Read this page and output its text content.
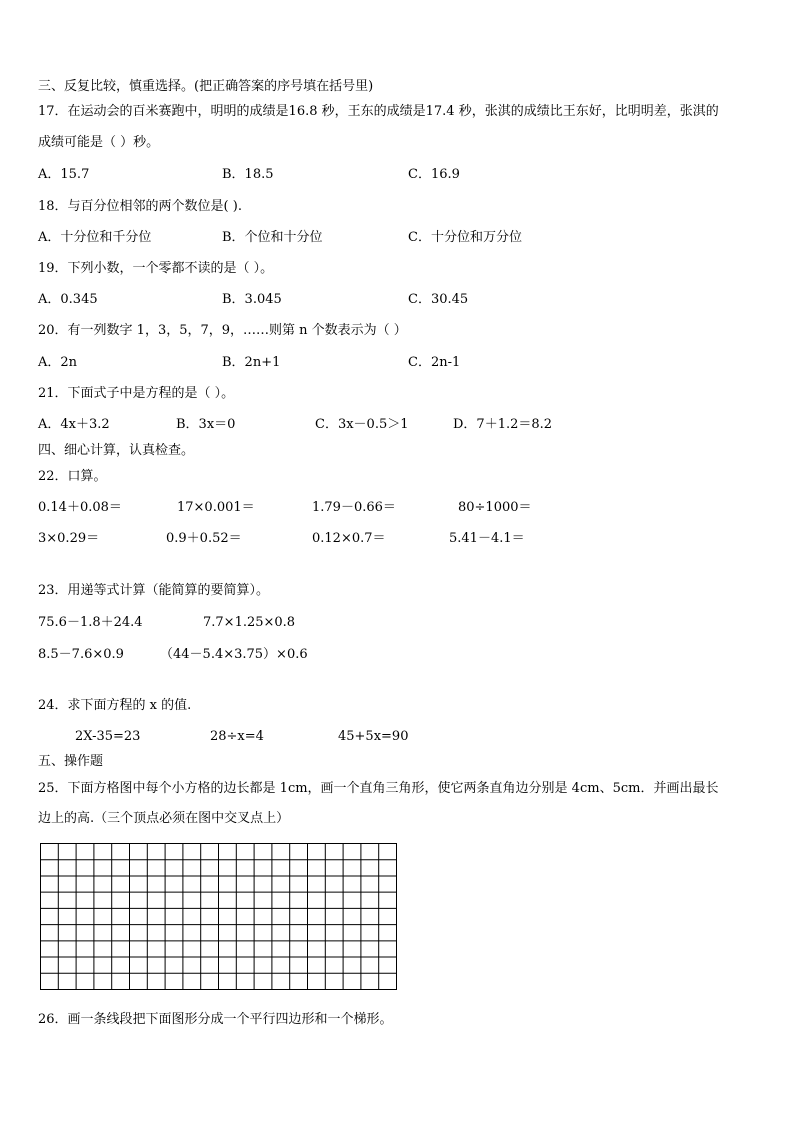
三、反复比较，慎重选择。(把正确答案的序号填在括号里)
17．在运动会的百米赛跑中，明明的成绩是16.8 秒，王东的成绩是17.4 秒，张淇的成绩比王东好，比明明差，张淇的
成绩可能是（ ）秒。
A．15.7	B．18.5	C．16.9
18．与百分位相邻的两个数位是( ).
A．十分位和千分位	B．个位和十分位	C．十分位和万分位
19．下列小数，一个零都不读的是（ ）。
A．0.345	B．3.045	C．30.45
20．有一列数字 1，3，5，7，9，……则第 n 个数表示为（ ）
A．2n	B．2n+1	C．2n-1
21．下面式子中是方程的是（ ）。
A．4x＋3.2	B．3x＝0	C．3x－0.5＞1	D．7＋1.2＝8.2
四、细心计算，认真检查。
22．口算。
0.14＋0.08＝	17×0.001＝	1.79－0.66＝	80÷1000＝
3×0.29＝	0.9＋0.52＝	0.12×0.7＝	5.41－4.1＝
23．用递等式计算（能简算的要简算）。
75.6－1.8＋24.4	7.7×1.25×0.8
8.5－7.6×0.9	（44－5.4×3.75）×0.6
24．求下面方程的 x 的值.
2X-35=23	28÷x=4	45+5x=90
五、操作题
25．下面方格图中每个小方格的边长都是 1cm，画一个直角三角形，使它两条直角边分别是 4cm、5cm．并画出最长
边上的高.（三个顶点必须在图中交叉点上）
26．画一条线段把下面图形分成一个平行四边形和一个梯形。
